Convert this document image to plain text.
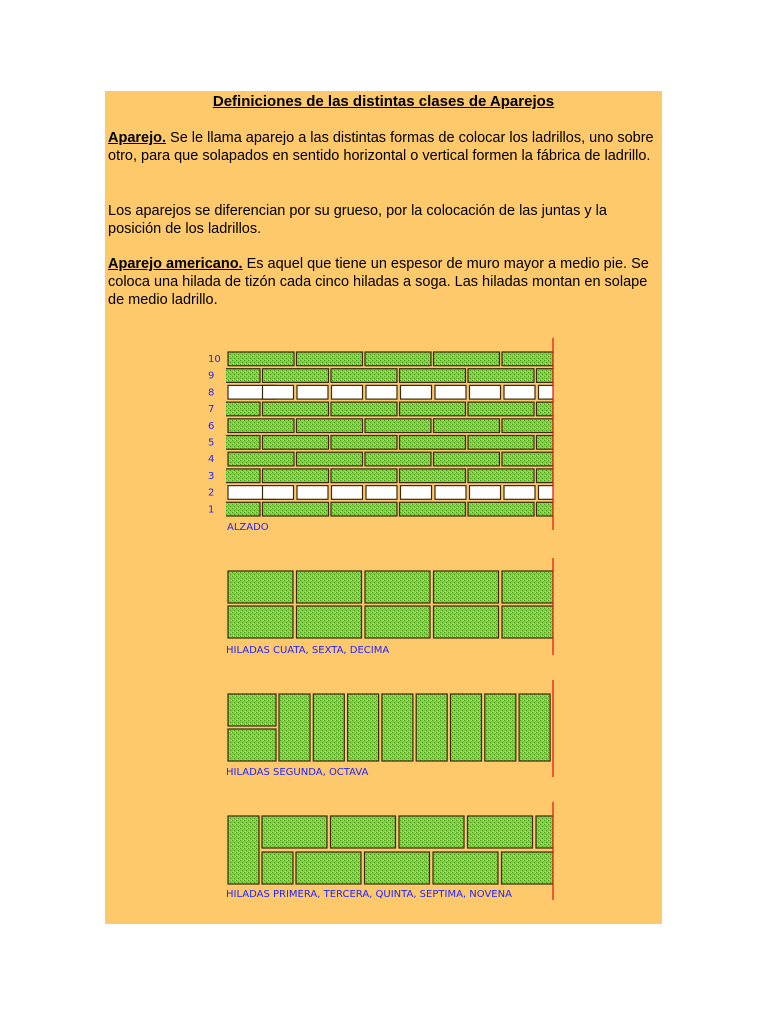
Definiciones de las distintas clases de Aparejos

Aparejo. Se le llama aparejo a las distintas formas de colocar los ladrillos, uno sobre otro, para que solapados en sentido horizontal o vertical formen la fábrica de ladrillo.

Los aparejos se diferencian por su grueso, por la colocación de las juntas y la posición de los ladrillos.

Aparejo americano. Es aquel que tiene un espesor de muro mayor a medio pie. Se coloca una hilada de tizón cada cinco hiladas a soga. Las hiladas montan en solape de medio ladrillo.

10
9
8
7
6
5
4
3
2
1
ALZADO
HILADAS CUATA, SEXTA, DECIMA
HILADAS SEGUNDA, OCTAVA
HILADAS PRIMERA, TERCERA, QUINTA, SEPTIMA, NOVENA
